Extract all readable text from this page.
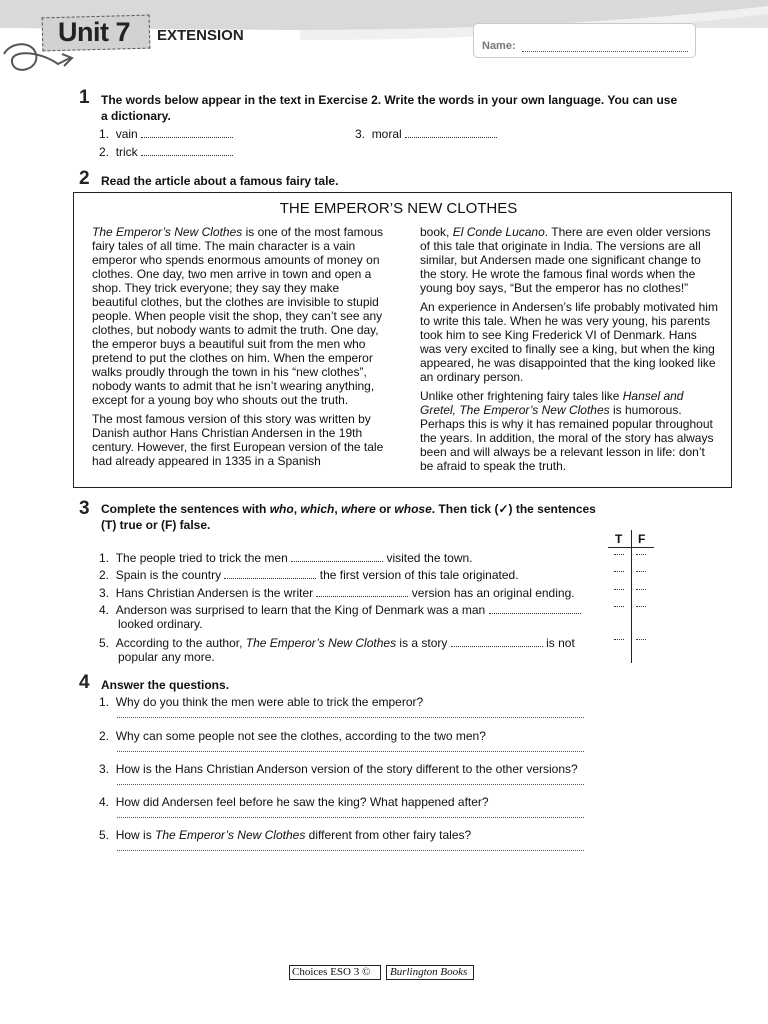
Unit 7 EXTENSION
Name:
1 The words below appear in the text in Exercise 2. Write the words in your own language. You can use
a dictionary.
1. vain
2. trick
3. moral
2 Read the article about a famous fairy tale.
THE EMPEROR’S NEW CLOTHES

The Emperor’s New Clothes is one of the most famous fairy tales of all time. The main character is a vain emperor who spends enormous amounts of money on clothes. One day, two men arrive in town and open a shop. They trick everyone; they say they make beautiful clothes, but the clothes are invisible to stupid people. When people visit the shop, they can’t see any clothes, but nobody wants to admit the truth. One day, the emperor buys a beautiful suit from the men who pretend to put the clothes on him. When the emperor walks proudly through the town in his “new clothes”, nobody wants to admit that he isn’t wearing anything, except for a young boy who shouts out the truth.

The most famous version of this story was written by Danish author Hans Christian Andersen in the 19th century. However, the first European version of the tale had already appeared in 1335 in a Spanish

book, El Conde Lucano. There are even older versions of this tale that originate in India. The versions are all similar, but Andersen made one significant change to the story. He wrote the famous final words when the young boy says, “But the emperor has no clothes!”

An experience in Andersen’s life probably motivated him to write this tale. When he was very young, his parents took him to see King Frederick VI of Denmark. Hans was very excited to finally see a king, but when the king appeared, he was disappointed that the king looked like an ordinary person.

Unlike other frightening fairy tales like Hansel and Gretel, The Emperor’s New Clothes is humorous. Perhaps this is why it has remained popular throughout the years. In addition, the moral of the story has always been and will always be a relevant lesson in life: don’t be afraid to speak the truth.

3 Complete the sentences with who, which, where or whose. Then tick (✓) the sentences
(T) true or (F) false.
T F
1. The people tried to trick the men	visited the town.
2. Spain is the country	the first version of this tale originated.
3. Hans Christian Andersen is the writer	version has an original ending.
4. Anderson was surprised to learn that the King of Denmark was a man
looked ordinary.
5. According to the author, The Emperor’s New Clothes is a story	is not
popular any more.
4 Answer the questions.
1. Why do you think the men were able to trick the emperor?
2. Why can some people not see the clothes, according to the two men?
3. How is the Hans Christian Anderson version of the story different to the other versions?
4. How did Andersen feel before he saw the king? What happened after?
5. How is The Emperor’s New Clothes different from other fairy tales?
Choices ESO 3 © Burlington Books
